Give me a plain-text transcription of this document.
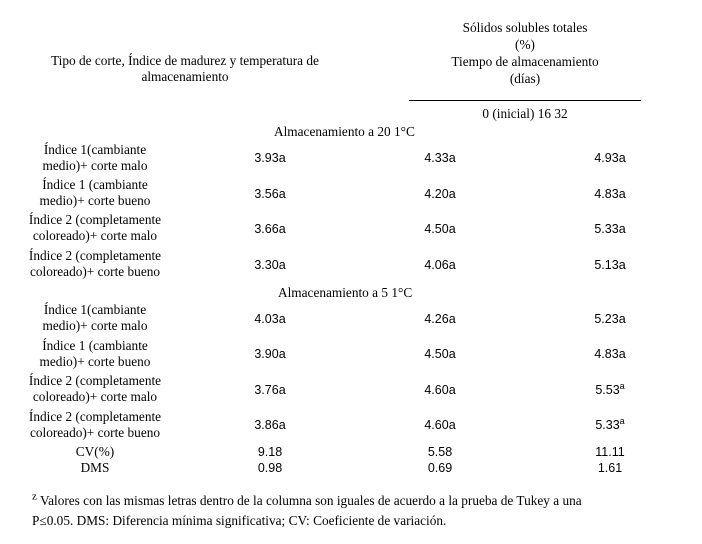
Tipo de corte, Índice de madurez y temperatura de
almacenamiento
Sólidos solubles totales
(%)
Tiempo de almacenamiento
(días)
0 (inicial) 16 32
Almacenamiento a 20 1°C
Índice 1(cambiante
medio)+ corte malo	3.93a	4.33a	4.93a
Índice 1 (cambiante
medio)+ corte bueno	3.56a	4.20a	4.83a
Índice 2 (completamente
coloreado)+ corte malo	3.66a	4.50a	5.33a
Índice 2 (completamente
coloreado)+ corte bueno	3.30a	4.06a	5.13a
Almacenamiento a 5 1°C
Índice 1(cambiante
medio)+ corte malo	4.03a	4.26a	5.23a
Índice 1 (cambiante
medio)+ corte bueno	3.90a	4.50a	4.83a
Índice 2 (completamente
coloreado)+ corte malo	3.76a	4.60a	5.53$^a$
Índice 2 (completamente
coloreado)+ corte bueno	3.86a	4.60a	5.33$^a$
CV(%)	9.18	5.58	11.11
DMS	0.98	0.69	1.61
$^z$ Valores con las mismas letras dentro de la columna son iguales de acuerdo a la prueba de Tukey a una
P≤0.05. DMS: Diferencia mínima significativa; CV: Coeficiente de variación.
